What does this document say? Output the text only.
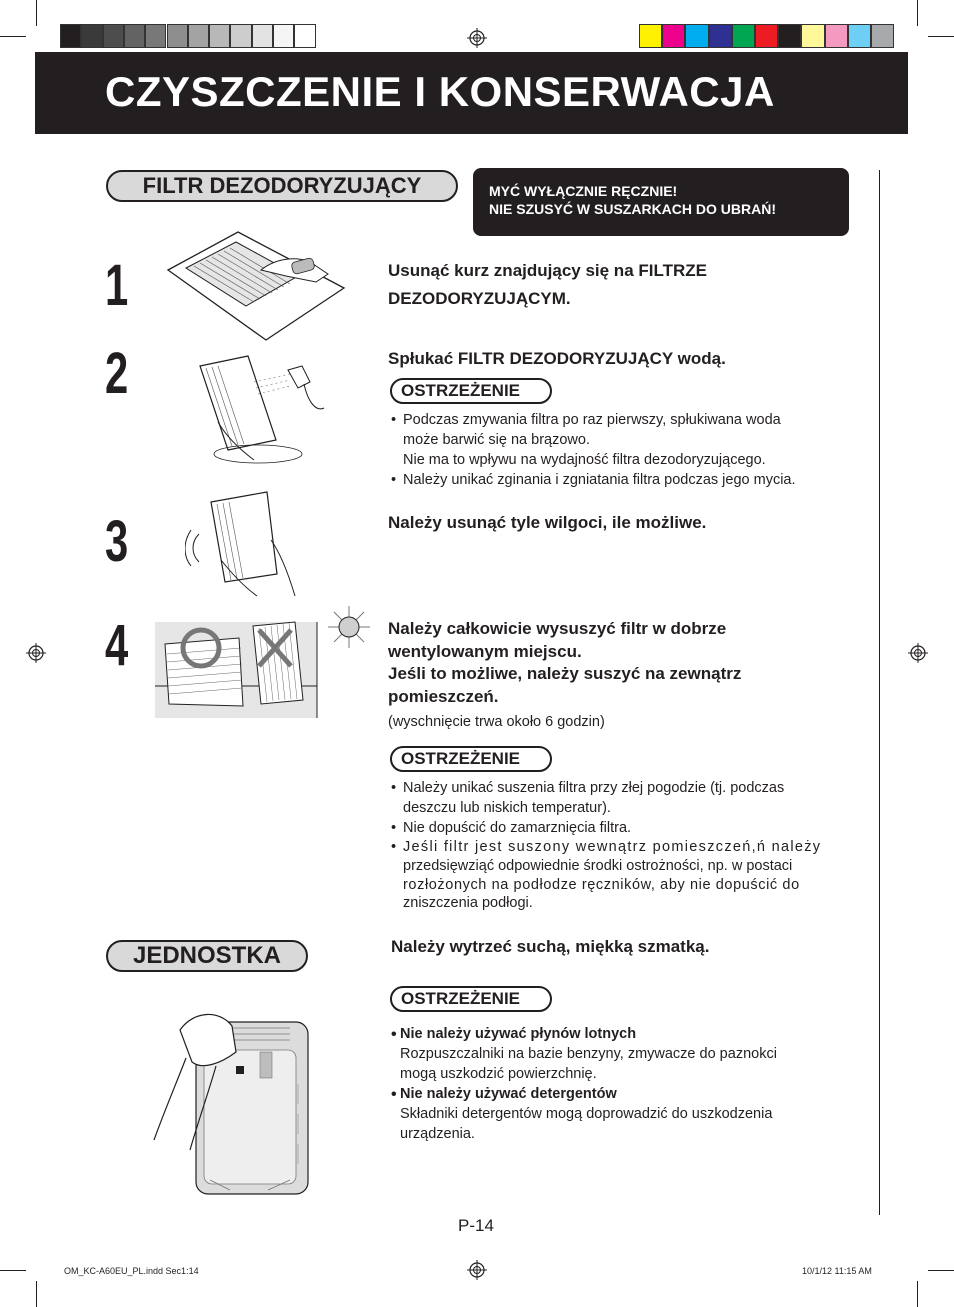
CZYSZCZENIE I KONSERWACJA
FILTR DEZODORYZUJĄCY	MYĆ WYŁĄCZNIE RĘCZNIE!
NIE SZUSYĆ W SUSZARKACH DO UBRAŃ!
1	Usunąć kurz znajdujący się na FILTRZE
DEZODORYZUJĄCYM.
2	Spłukać FILTR DEZODORYZUJĄCY wodą.
OSTRZEŻENIE
• Podczas zmywania filtra po raz pierwszy, spłukiwana woda
może barwić się na brązowo.
Nie ma to wpływu na wydajność filtra dezodoryzującego.
• Należy unikać zginania i zgniatania filtra podczas jego mycia.
3	Należy usunąć tyle wilgoci, ile możliwe.
4	Należy całkowicie wysuszyć filtr w dobrze
wentylowanym miejscu.
Jeśli to możliwe, należy suszyć na zewnątrz
pomieszczeń.
(wyschnięcie trwa około 6 godzin)
OSTRZEŻENIE
• Należy unikać suszenia filtra przy złej pogodzie (tj. podczas
deszczu lub niskich temperatur).
• Nie dopuścić do zamarznięcia filtra.
• Jeśli filtr jest suszony wewnątrz pomieszczeń,ń należy
przedsięwziąć odpowiednie środki ostrożności, np. w postaci
rozłożonych na podłodze ręczników, aby nie dopuścić do
zniszczenia podłogi.
JEDNOSTKA	Należy wytrzeć suchą, miękką szmatką.
OSTRZEŻENIE
• Nie należy używać płynów lotnych
Rozpuszczalniki na bazie benzyny, zmywacze do paznokci
mogą uszkodzić powierzchnię.
• Nie należy używać detergentów
Składniki detergentów mogą doprowadzić do uszkodzenia
urządzenia.
P-14
OM_KC-A60EU_PL.indd Sec1:14	10/1/12 11:15 AM
